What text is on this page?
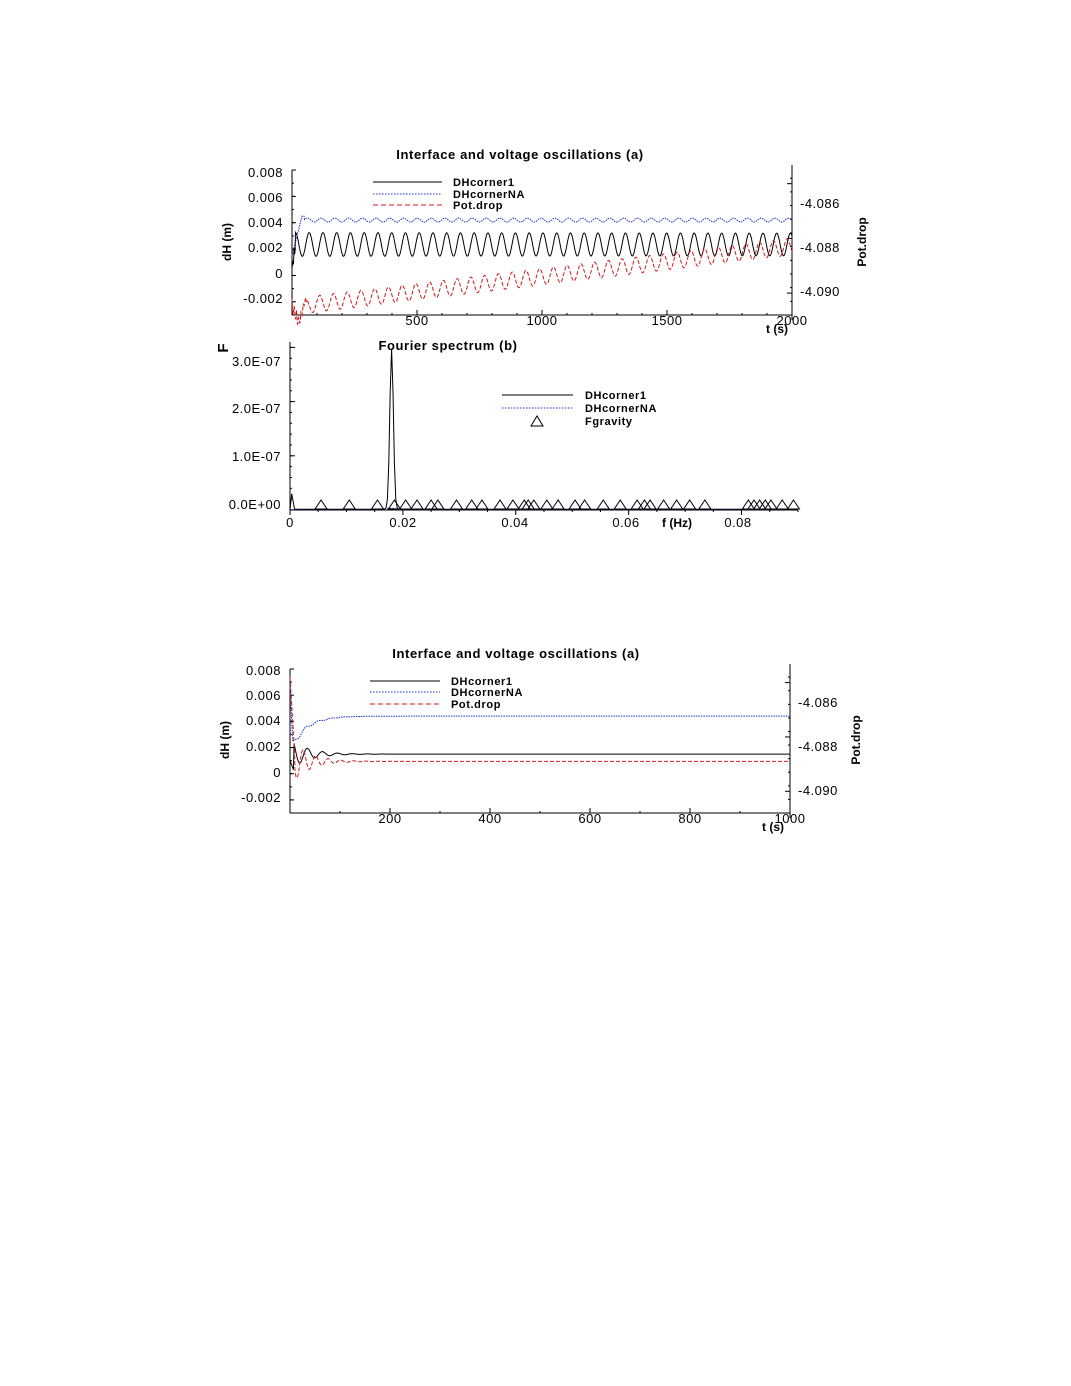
Interface and voltage oscillations (a)
0.008
0.006
0.004
0.002
0
-0.002
-4.086
-4.088
-4.090
500	1000	1500	2000
t (s)
dH (m)	Pot.drop
DHcorner1
DHcornerNA
Pot.drop
Fourier spectrum (b)
3.0E-07
2.0E-07
1.0E-07
0.0E+00
0	0.02	0.04	0.06	0.08
f (Hz)
F
DHcorner1
DHcornerNA
Fgravity
Interface and voltage oscillations (a)
0.008
0.006
0.004
0.002
0
-0.002
-4.086
-4.088
-4.090
200	400	600	800	1000
t (s)
dH (m)	Pot.drop
DHcorner1
DHcornerNA
Pot.drop
